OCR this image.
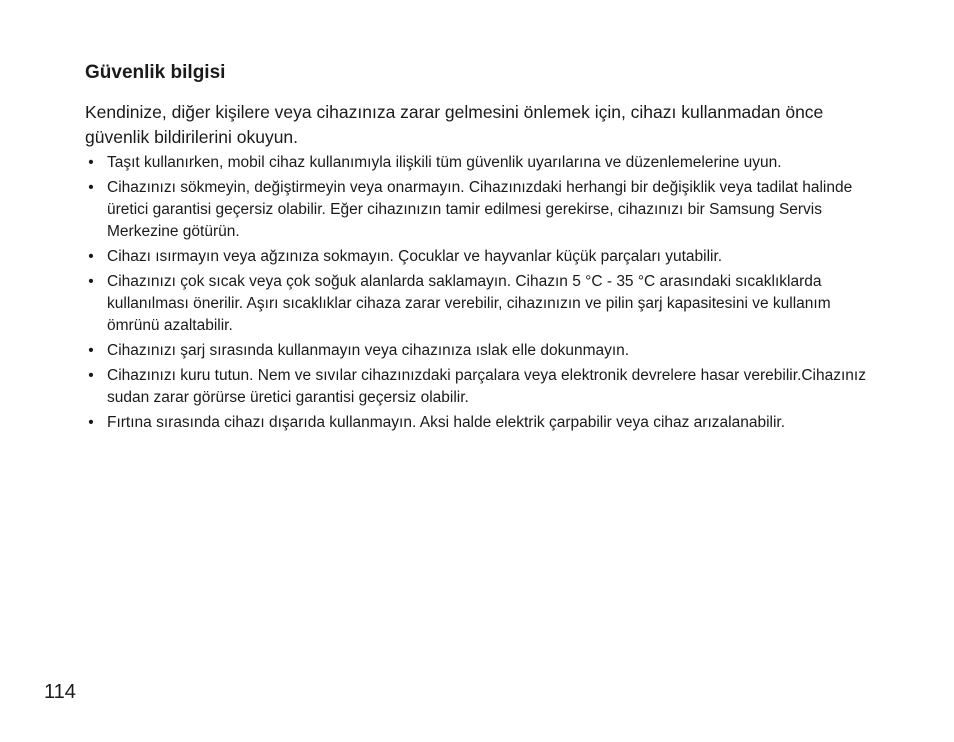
Güvenlik bilgisi

Kendinize, diğer kişilere veya cihazınıza zarar gelmesini önlemek için, cihazı kullanmadan önce güvenlik bildirilerini okuyun.

• Taşıt kullanırken, mobil cihaz kullanımıyla ilişkili tüm güvenlik uyarılarına ve düzenlemelerine uyun.
• Cihazınızı sökmeyin, değiştirmeyin veya onarmayın. Cihazınızdaki herhangi bir değişiklik veya tadilat halinde üretici garantisi geçersiz olabilir. Eğer cihazınızın tamir edilmesi gerekirse, cihazınızı bir Samsung Servis Merkezine götürün.
• Cihazı ısırmayın veya ağzınıza sokmayın. Çocuklar ve hayvanlar küçük parçaları yutabilir.
• Cihazınızı çok sıcak veya çok soğuk alanlarda saklamayın. Cihazın 5 °C - 35 °C arasındaki sıcaklıklarda kullanılması önerilir. Aşırı sıcaklıklar cihaza zarar verebilir, cihazınızın ve pilin şarj kapasitesini ve kullanım ömrünü azaltabilir.
• Cihazınızı şarj sırasında kullanmayın veya cihazınıza ıslak elle dokunmayın.
• Cihazınızı kuru tutun. Nem ve sıvılar cihazınızdaki parçalara veya elektronik devrelere hasar verebilir.Cihazınız sudan zarar görürse üretici garantisi geçersiz olabilir.
• Fırtına sırasında cihazı dışarıda kullanmayın. Aksi halde elektrik çarpabilir veya cihaz arızalanabilir.
114
